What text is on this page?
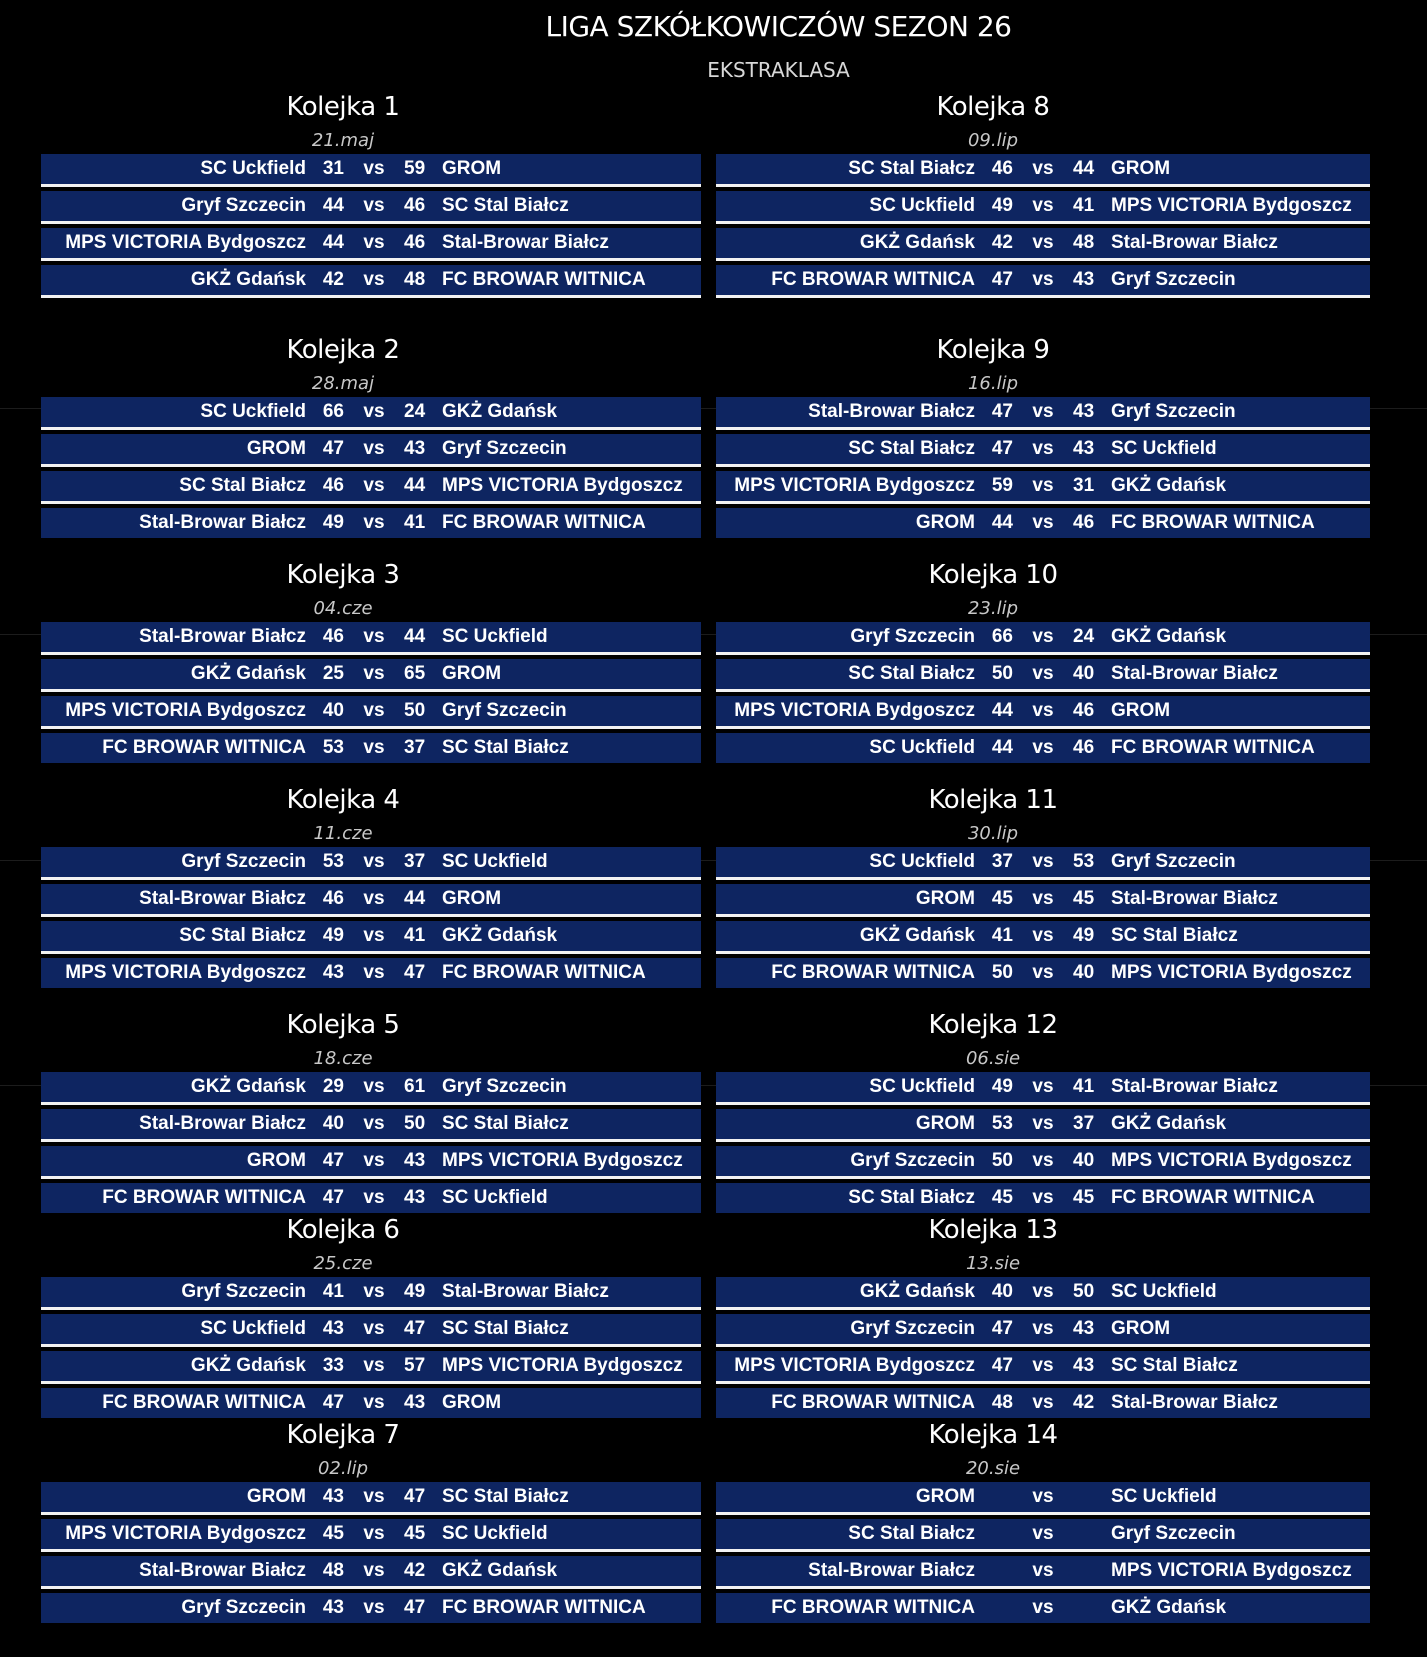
LIGA SZKÓŁKOWICZÓW SEZON 26
EKSTRAKLASA
Kolejka 1
21.maj
SC Uckfield 31	vs	59 GROM
Gryf Szczecin 44	vs	46 SC Stal Białcz
MPS VICTORIA Bydgoszcz 44	vs	46 Stal-Browar Białcz
GKŻ Gdańsk 42	vs	48 FC BROWAR WITNICA
Kolejka 2
28.maj
SC Uckfield 66	vs	24 GKŻ Gdańsk
GROM 47	vs	43 Gryf Szczecin
SC Stal Białcz 46	vs	44 MPS VICTORIA Bydgoszcz
Stal-Browar Białcz 49	vs	41 FC BROWAR WITNICA
Kolejka 3
04.cze
Stal-Browar Białcz 46	vs	44 SC Uckfield
GKŻ Gdańsk 25	vs	65 GROM
MPS VICTORIA Bydgoszcz 40	vs	50 Gryf Szczecin
FC BROWAR WITNICA 53	vs	37 SC Stal Białcz
Kolejka 4
11.cze
Gryf Szczecin 53	vs	37 SC Uckfield
Stal-Browar Białcz 46	vs	44 GROM
SC Stal Białcz 49	vs	41 GKŻ Gdańsk
MPS VICTORIA Bydgoszcz 43	vs	47 FC BROWAR WITNICA
Kolejka 5
18.cze
GKŻ Gdańsk 29	vs	61 Gryf Szczecin
Stal-Browar Białcz 40	vs	50 SC Stal Białcz
GROM 47	vs	43 MPS VICTORIA Bydgoszcz
FC BROWAR WITNICA 47	vs	43 SC Uckfield
Kolejka 6
25.cze
Gryf Szczecin 41	vs	49 Stal-Browar Białcz
SC Uckfield 43	vs	47 SC Stal Białcz
GKŻ Gdańsk 33	vs	57 MPS VICTORIA Bydgoszcz
FC BROWAR WITNICA 47	vs	43 GROM
Kolejka 7
02.lip
GROM 43	vs	47 SC Stal Białcz
MPS VICTORIA Bydgoszcz 45	vs	45 SC Uckfield
Stal-Browar Białcz 48	vs	42 GKŻ Gdańsk
Gryf Szczecin 43	vs	47 FC BROWAR WITNICA
Kolejka 8
09.lip
SC Stal Białcz 46	vs	44 GROM
SC Uckfield 49	vs	41 MPS VICTORIA Bydgoszcz
GKŻ Gdańsk 42	vs	48 Stal-Browar Białcz
FC BROWAR WITNICA 47	vs	43 Gryf Szczecin
Kolejka 9
16.lip
Stal-Browar Białcz 47	vs	43 Gryf Szczecin
SC Stal Białcz 47	vs	43 SC Uckfield
MPS VICTORIA Bydgoszcz 59	vs	31 GKŻ Gdańsk
GROM 44	vs	46 FC BROWAR WITNICA
Kolejka 10
23.lip
Gryf Szczecin 66	vs	24 GKŻ Gdańsk
SC Stal Białcz 50	vs	40 Stal-Browar Białcz
MPS VICTORIA Bydgoszcz 44	vs	46 GROM
SC Uckfield 44	vs	46 FC BROWAR WITNICA
Kolejka 11
30.lip
SC Uckfield 37	vs	53 Gryf Szczecin
GROM 45	vs	45 Stal-Browar Białcz
GKŻ Gdańsk 41	vs	49 SC Stal Białcz
FC BROWAR WITNICA 50	vs	40 MPS VICTORIA Bydgoszcz
Kolejka 12
06.sie
SC Uckfield 49	vs	41 Stal-Browar Białcz
GROM 53	vs	37 GKŻ Gdańsk
Gryf Szczecin 50	vs	40 MPS VICTORIA Bydgoszcz
SC Stal Białcz 45	vs	45 FC BROWAR WITNICA
Kolejka 13
13.sie
GKŻ Gdańsk 40	vs	50 SC Uckfield
Gryf Szczecin 47	vs	43 GROM
MPS VICTORIA Bydgoszcz 47	vs	43 SC Stal Białcz
FC BROWAR WITNICA 48	vs	42 Stal-Browar Białcz
Kolejka 14
20.sie
GROM	vs	SC Uckfield
SC Stal Białcz	vs	Gryf Szczecin
Stal-Browar Białcz	vs	MPS VICTORIA Bydgoszcz
FC BROWAR WITNICA	vs	GKŻ Gdańsk
